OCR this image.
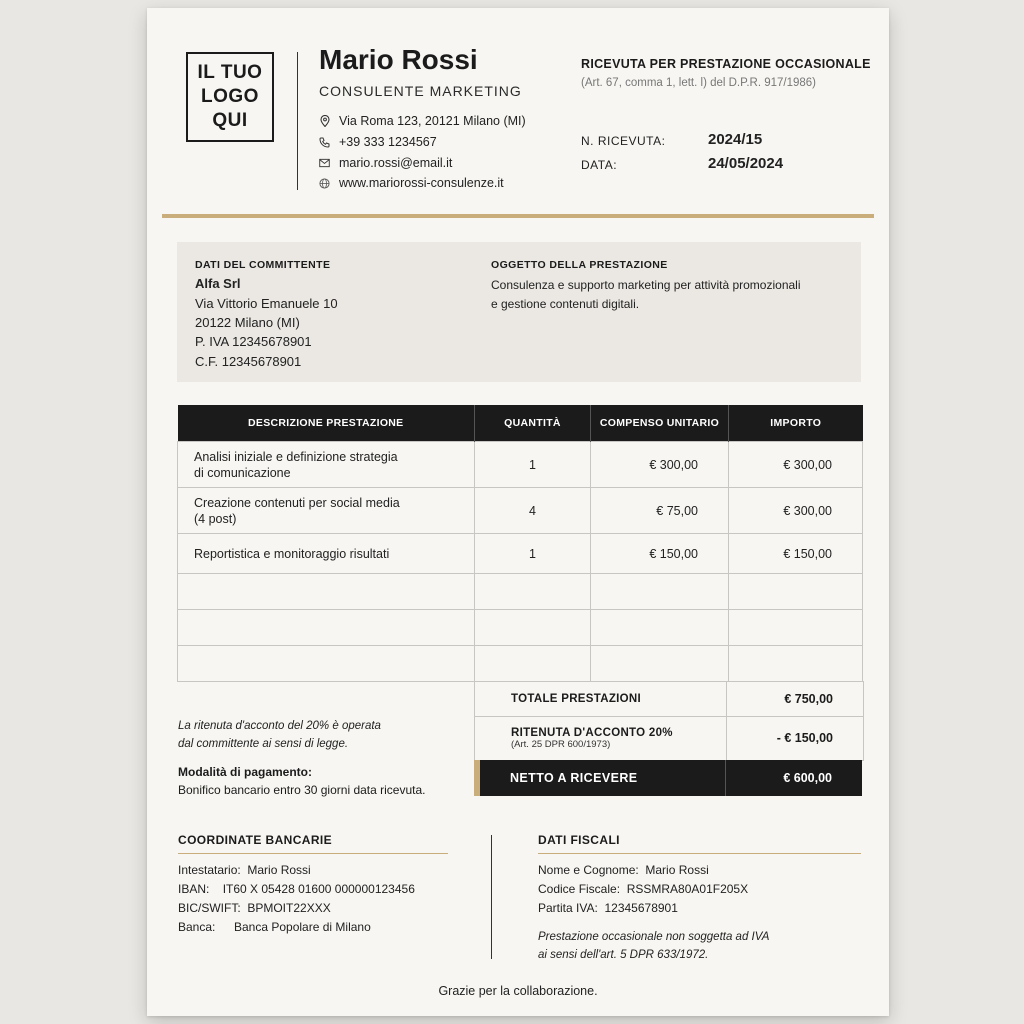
IL TUO
LOGO
QUI
Mario Rossi
CONSULENTE MARKETING
Via Roma 123, 20121 Milano (MI)
+39 333 1234567
mario.rossi@email.it
www.mariorossi-consulenze.it
RICEVUTA PER PRESTAZIONE OCCASIONALE
(Art. 67, comma 1, lett. l) del D.P.R. 917/1986)
N. RICEVUTA:	2024/15
DATA:	24/05/2024
DATI DEL COMMITTENTE
Alfa Srl
Via Vittorio Emanuele 10
20122 Milano (MI)
P. IVA 12345678901
C.F. 12345678901
OGGETTO DELLA PRESTAZIONE
Consulenza e supporto marketing per attività promozionali
e gestione contenuti digitali.
DESCRIZIONE PRESTAZIONE	QUANTITÀ	COMPENSO UNITARIO	IMPORTO

Analisi iniziale e definizione strategia
di comunicazione	1	€ 300,00	€ 300,00

Creazione contenuti per social media
(4 post)	4	€ 75,00	€ 300,00
Reportistica e monitoraggio risultati	1	€ 150,00	€ 150,00

TOTALE PRESTAZIONI	€ 750,00
RITENUTA D'ACCONTO 20%
(Art. 25 DPR 600/1973)	- € 150,00
NETTO A RICEVERE	€ 600,00
La ritenuta d'acconto del 20% è operata
dal committente ai sensi di legge.
Modalità di pagamento:
Bonifico bancario entro 30 giorni data ricevuta.
COORDINATE BANCARIE
Intestatario: Mario Rossi
IBAN: IT60 X 05428 01600 000000123456
BIC/SWIFT: BPMOIT22XXX
Banca: Banca Popolare di Milano
DATI FISCALI
Nome e Cognome: Mario Rossi
Codice Fiscale: RSSMRA80A01F205X
Partita IVA: 12345678901
Prestazione occasionale non soggetta ad IVA
ai sensi dell'art. 5 DPR 633/1972.
Grazie per la collaborazione.
